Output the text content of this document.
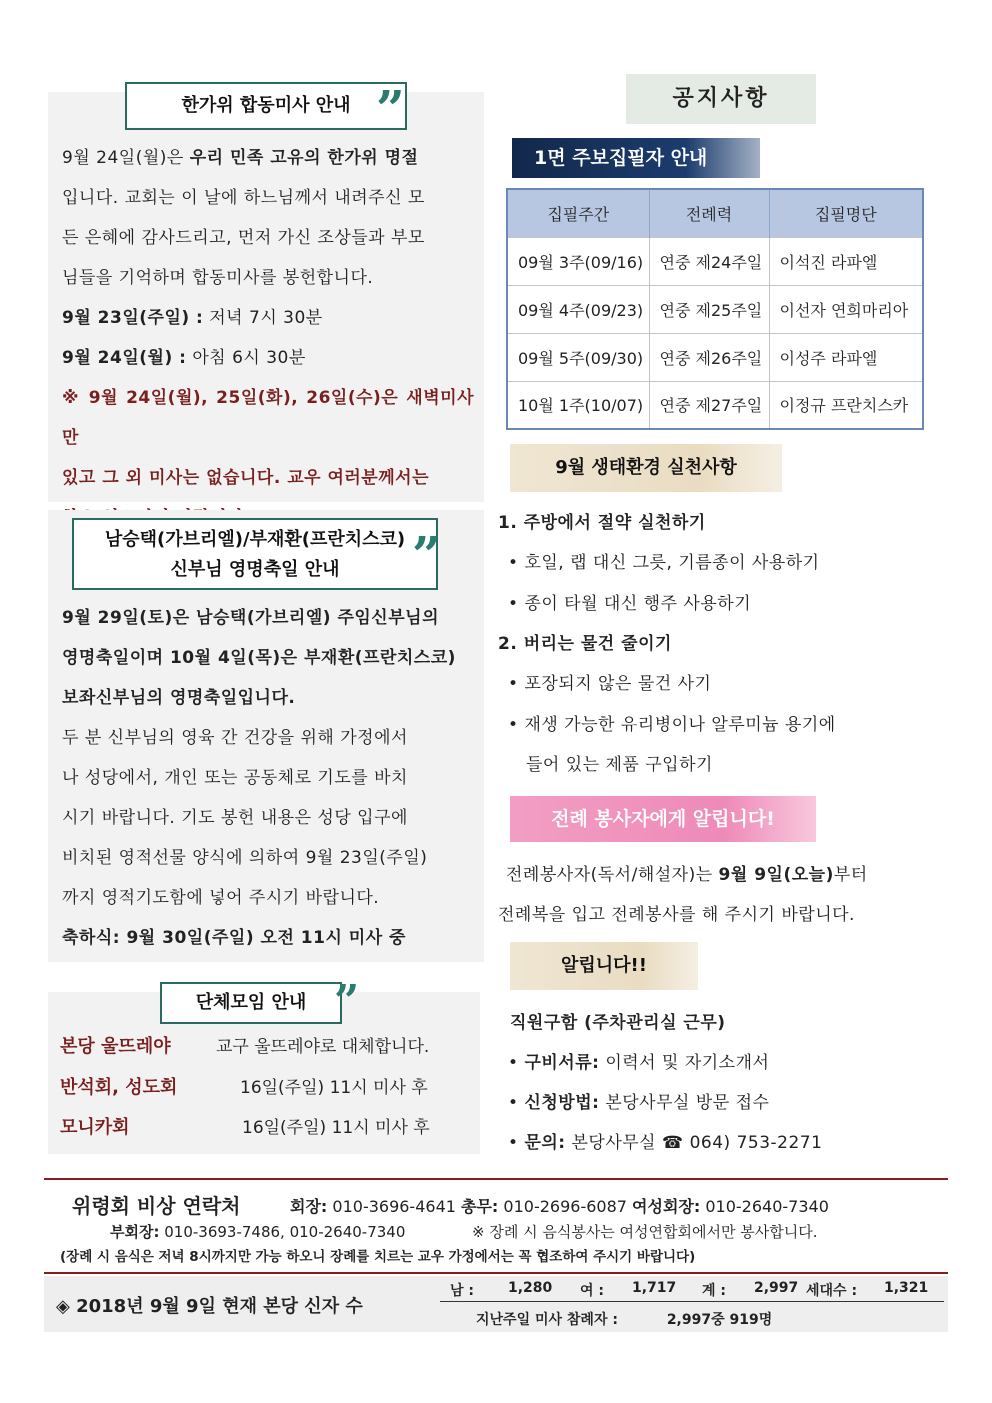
한가위 합동미사 안내 ”
9월 24일(월)은 우리 민족 고유의 한가위 명절
입니다. 교회는 이 날에 하느님께서 내려주신 모
든 은혜에 감사드리고, 먼저 가신 조상들과 부모
님들을 기억하며 합동미사를 봉헌합니다.
9월 23일(주일) : 저녁 7시 30분
9월 24일(월) : 아침 6시 30분
※ 9월 24일(월), 25일(화), 26일(수)은 새벽미사만
있고 그 외 미사는 없습니다. 교우 여러분께서는
남승택(가브리엘)/부재환(프란치스코)
신부님 영명축일 안내	”
9월 29일(토)은 남승택(가브리엘) 주임신부님의
영명축일이며 10월 4일(목)은 부재환(프란치스코)
보좌신부님의 영명축일입니다.
두 분 신부님의 영육 간 건강을 위해 가정에서
나 성당에서, 개인 또는 공동체로 기도를 바치
시기 바랍니다. 기도 봉헌 내용은 성당 입구에
비치된 영적선물 양식에 의하여 9월 23일(주일)
까지 영적기도함에 넣어 주시기 바랍니다.
축하식: 9월 30일(주일) 오전 11시 미사 중
단체모임 안내 ”
본당 울뜨레야	교구 울뜨레야로 대체합니다.
반석회, 성도회	16일(주일) 11시 미사 후
모니카회	16일(주일) 11시 미사 후
공지사항
1면 주보집필자 안내
집필주간	전례력	집필명단
09월 3주(09/16)	연중 제24주일	이석진 라파엘
09월 4주(09/23)	연중 제25주일	이선자 연희마리아
09월 5주(09/30)	연중 제26주일	이성주 라파엘
10월 1주(10/07)	연중 제27주일	이정규 프란치스카
9월 생태환경 실천사항
1. 주방에서 절약 실천하기
• 호일, 랩 대신 그릇, 기름종이 사용하기
• 종이 타월 대신 행주 사용하기
2. 버리는 물건 줄이기
• 포장되지 않은 물건 사기
• 재생 가능한 유리병이나 알루미늄 용기에
들어 있는 제품 구입하기
전례 봉사자에게 알립니다!
전례봉사자(독서/해설자)는 9월 9일(오늘)부터
전례복을 입고 전례봉사를 해 주시기 바랍니다.
알립니다!!
직원구함 (주차관리실 근무)
• 구비서류: 이력서 및 자기소개서
• 신청방법: 본당사무실 방문 접수
• 문의: 본당사무실 ☎ 064) 753-2271
위령회 비상 연락처	회장: 010-3696-4641 총무: 010-2696-6087 여성회장: 010-2640-7340
부회장: 010-3693-7486, 010-2640-7340	※ 장례 시 음식봉사는 여성연합회에서만 봉사합니다.
(장례 시 음식은 저녁 8시까지만 가능 하오니 장례를 치르는 교우 가정에서는 꼭 협조하여 주시기 바랍니다)
◈ 2018년 9월 9일 현재 본당 신자 수
남 : 1,280 여 : 1,717 계 : 2,997 세대수 : 1,321
지난주일 미사 참례자 :	2,997중 919명
